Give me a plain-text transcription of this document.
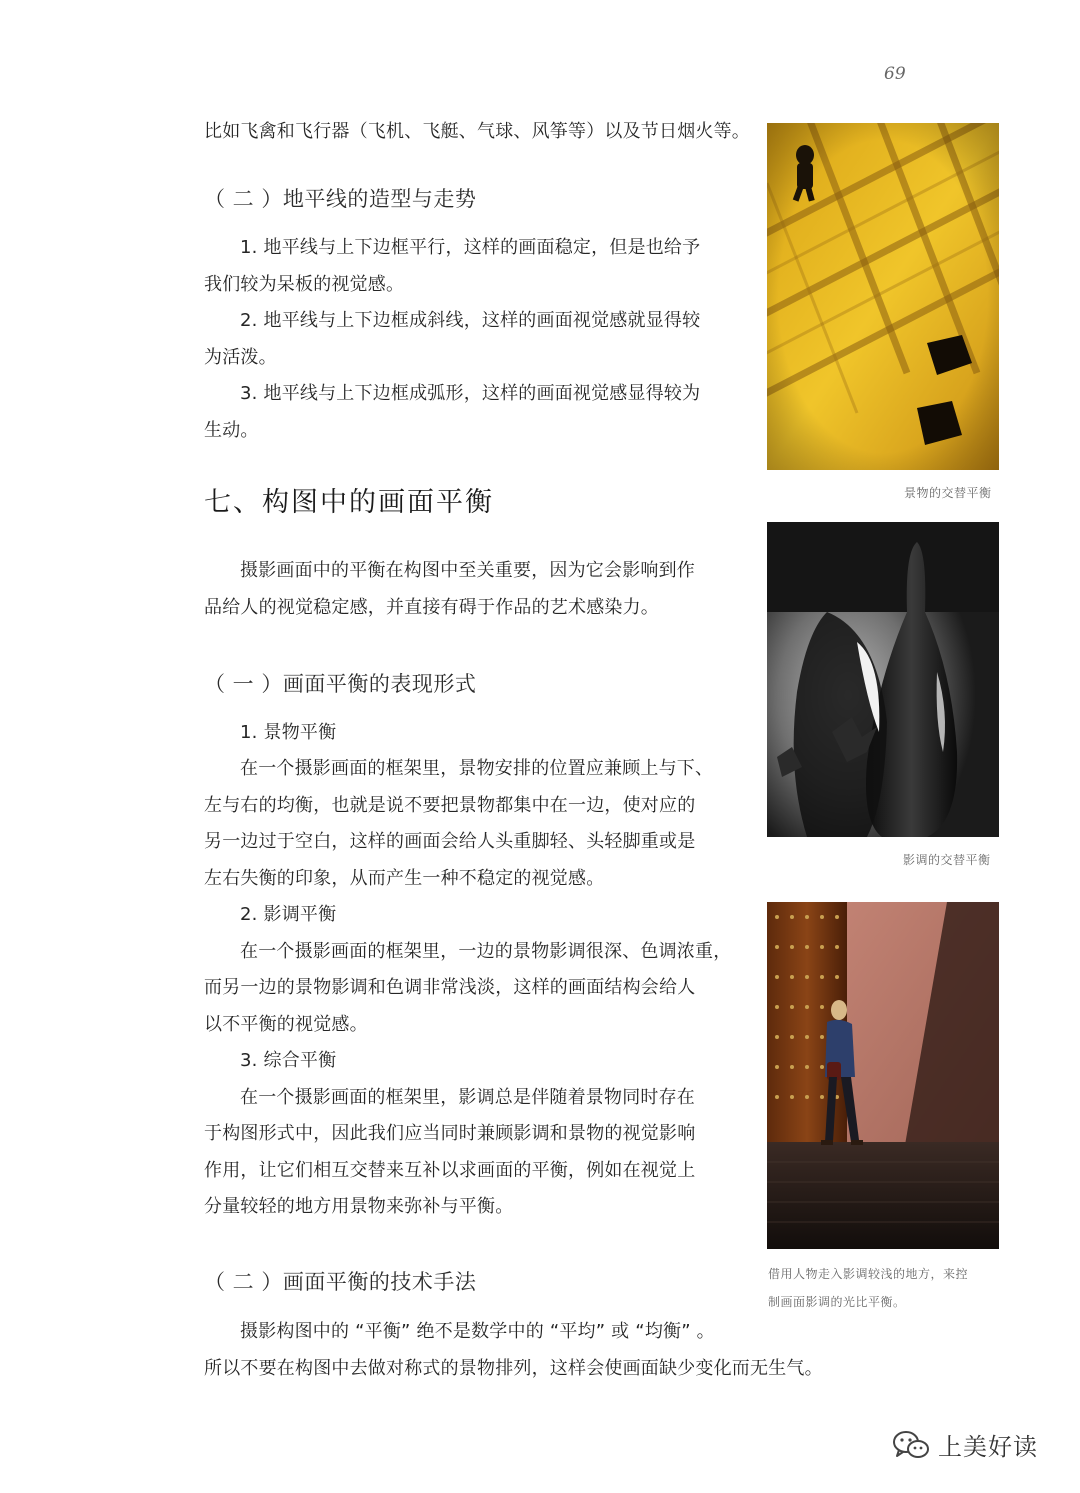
69
比如飞禽和飞行器（飞机、飞艇、气球、风筝等）以及节日烟火等。
（ 二 ）地平线的造型与走势
1. 地平线与上下边框平行，这样的画面稳定，但是也给予
我们较为呆板的视觉感。
2. 地平线与上下边框成斜线，这样的画面视觉感就显得较
为活泼。
3. 地平线与上下边框成弧形，这样的画面视觉感显得较为
生动。
七、构图中的画面平衡
摄影画面中的平衡在构图中至关重要，因为它会影响到作
品给人的视觉稳定感，并直接有碍于作品的艺术感染力。
（ 一 ）画面平衡的表现形式
1. 景物平衡
在一个摄影画面的框架里，景物安排的位置应兼顾上与下、
左与右的均衡，也就是说不要把景物都集中在一边，使对应的
另一边过于空白，这样的画面会给人头重脚轻、头轻脚重或是
左右失衡的印象，从而产生一种不稳定的视觉感。
2. 影调平衡
在一个摄影画面的框架里，一边的景物影调很深、色调浓重，
而另一边的景物影调和色调非常浅淡，这样的画面结构会给人
以不平衡的视觉感。
3. 综合平衡
在一个摄影画面的框架里，影调总是伴随着景物同时存在
于构图形式中，因此我们应当同时兼顾影调和景物的视觉影响
作用，让它们相互交替来互补以求画面的平衡，例如在视觉上
分量较轻的地方用景物来弥补与平衡。
（ 二 ）画面平衡的技术手法
摄影构图中的 “平衡” 绝不是数学中的 “平均” 或 “均衡” 。
所以不要在构图中去做对称式的景物排列，这样会使画面缺少变化而无生气。
景物的交替平衡
影调的交替平衡
借用人物走入影调较浅的地方，来控
制画面影调的光比平衡。
上美好读
